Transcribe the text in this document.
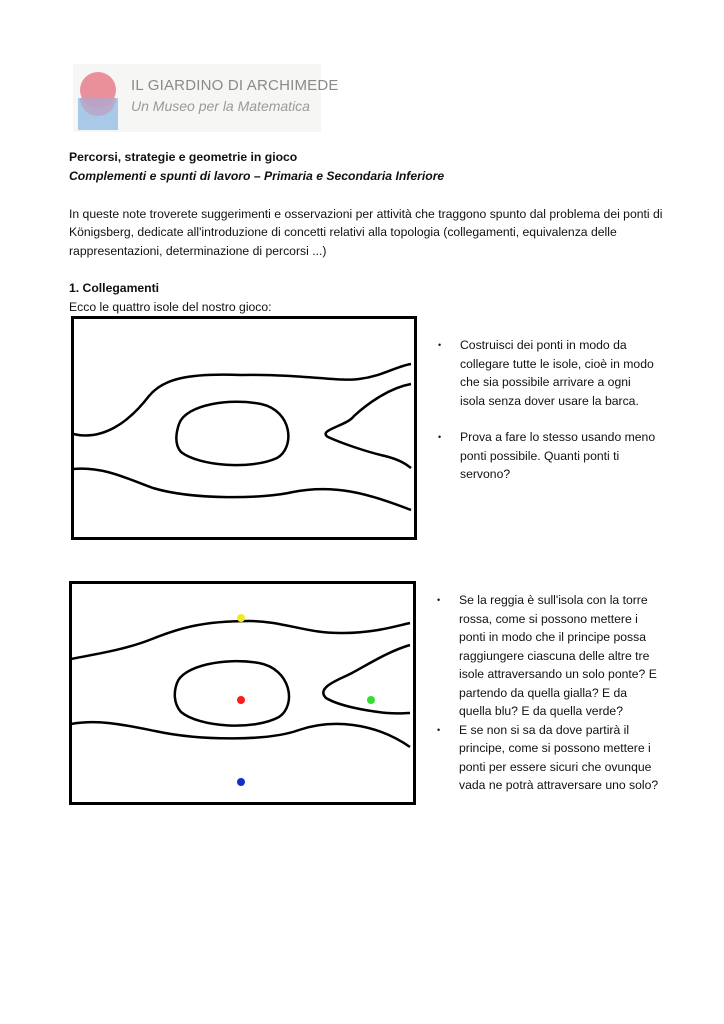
IL GIARDINO DI ARCHIMEDE
Un Museo per la Matematica
Percorsi, strategie e geometrie in gioco
Complementi e spunti di lavoro – Primaria e Secondaria Inferiore
In queste note troverete suggerimenti e osservazioni per attività che traggono spunto dal problema dei ponti di
Königsberg, dedicate all'introduzione di concetti relativi alla topologia (collegamenti, equivalenza delle
rappresentazioni, determinazione di percorsi ...)
1. Collegamenti
Ecco le quattro isole del nostro gioco:
• Costruisci dei ponti in modo da
collegare tutte le isole, cioè in modo
che sia possibile arrivare a ogni
isola senza dover usare la barca.
• Prova a fare lo stesso usando meno
ponti possibile. Quanti ponti ti
servono?
• Se la reggia è sull'isola con la torre
rossa, come si possono mettere i
ponti in modo che il principe possa
raggiungere ciascuna delle altre tre
isole attraversando un solo ponte? E
partendo da quella gialla? E da
quella blu? E da quella verde?
• E se non si sa da dove partirà il
principe, come si possono mettere i
ponti per essere sicuri che ovunque
vada ne potrà attraversare uno solo?
